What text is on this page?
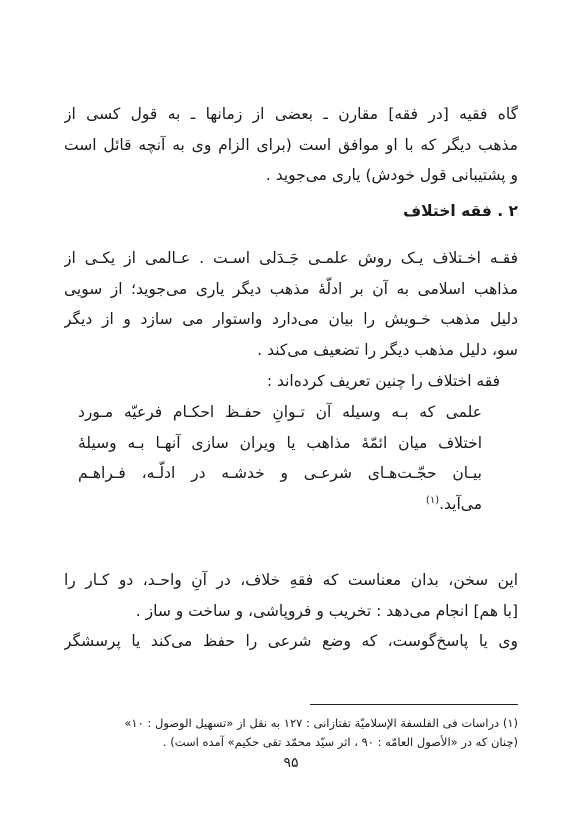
گاه فقیه [در فقه] مقارن ـ بعضی از زمانها ـ به قول کسی از
مذهب دیگر که با او موافق است (برای الزام وی به آنچه قائل است
و پشتیبانی قول خودش) یاری می‌جوید .
۲ . فقه اختلاف
فقـه اخـتلاف یـک روش علمـی جَـدَلی اسـت . عـالمی از یکـی از
مذاهب اسلامی به آن بر ادلّهٔ مذهب دیگر یاری می‌جوید؛ از سویی
دلیل مذهب خـویش را بیان می‌دارد واستوار می سازد و از دیگر
سو، دلیل مذهب دیگر را تضعیف می‌کند .
فقه اختلاف را چنین تعریف کرده‌اند :
علمی که بـه وسیله آن تـوانِ حفـظ احکـام فرعیّه مـورد
اختلاف میان ائمّهٔ مذاهب یا ویران سازی آنهـا بـه وسیلهٔ
بیـان حجّـت‌هـای شرعـی و خدشـه در ادلّـه، فـراهـم
می‌آید.$^{(۱)}$
این سخن، بدان معناست که فقهِ خلاف، در آنِ واحـد، دو کـار را
[با هم] انجام می‌دهد : تخریب و فروپاشی، و ساخت و ساز .
وی یا پاسخ‌گوست، که وضع شرعی را حفظ می‌کند یا پرسشگر
(۱) دراسات فی الفلسفة الإسلامیّة تفتازانی : ۱۲۷ به نقل از «تسهیل الوصول : ۱۰»
(چنان که در «الأصول العامّه : ۹۰ ، اثر سیّد محمّد تقی حکیم» آمده است) .
۹۵
